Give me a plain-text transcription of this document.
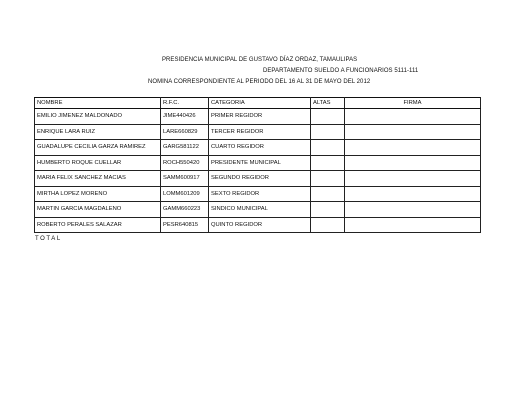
PRESIDENCIA MUNICIPAL DE GUSTAVO DÍAZ ORDAZ, TAMAULIPAS
DEPARTAMENTO SUELDO A FUNCIONARIOS 5111-111
NOMINA CORRESPONDIENTE AL PERIODO DEL 16 AL 31 DE MAYO DEL 2012
NOMBRE	R.F.C.	CATEGORIA	ALTAS	FIRMA
EMILIO JIMENEZ MALDONADO	JIME440426	PRIMER REGIDOR		
ENRIQUE LARA RUIZ	LARE660829	TERCER REGIDOR		
GUADALUPE CECILIA GARZA RAMIREZ	GARG581122	CUARTO REGIDOR		
HUMBERTO ROQUE CUELLAR	ROCH550420	PRESIDENTE MUNICIPAL		
MARIA FELIX SANCHEZ MACIAS	SAMM600917	SEGUNDO REGIDOR		
MIRTHA LOPEZ MORENO	LOMM601209	SEXTO REGIDOR		
MARTIN GARCIA MAGDALENO	GAMM660223	SINDICO MUNICIPAL		
ROBERTO PERALES SALAZAR	PESR640815	QUINTO REGIDOR		
TOTAL
